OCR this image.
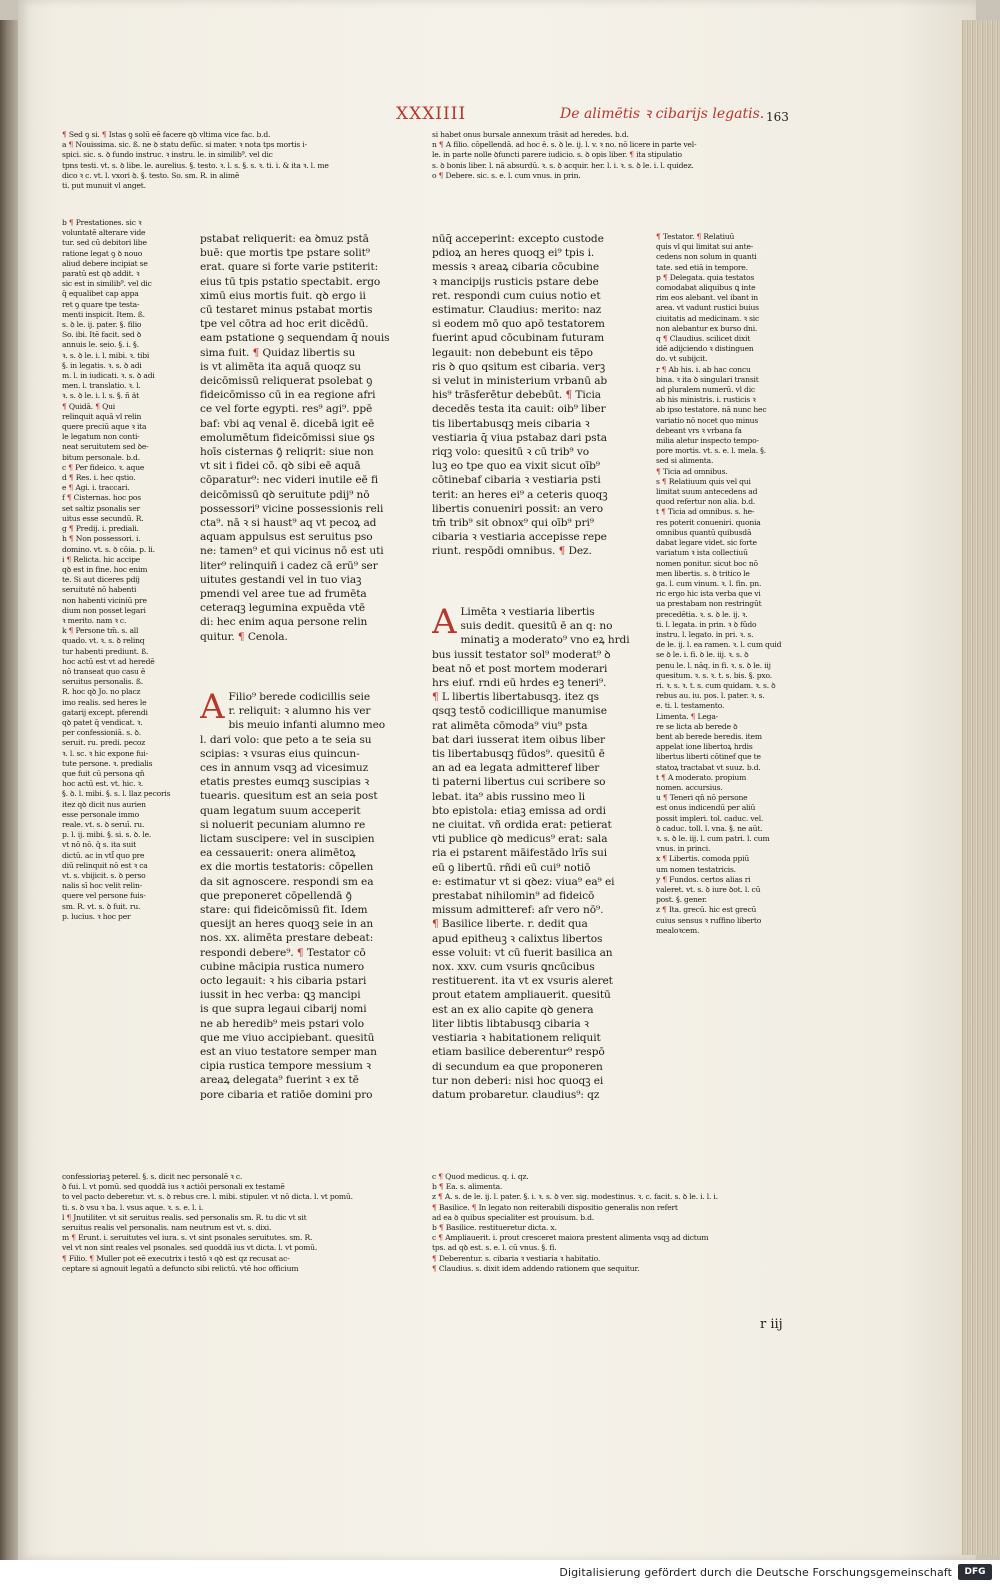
XXXIIII	De alimētis ꝛ cibarijs legatis. 163
¶ Sed ꝯ si. ¶ Istas ꝯ solū eē facere qꝺ vltima vice fac. b.d.
a ¶ Nouissima. sic. ß. ne ꝺ statu defūc. si mater. ꝛ nota tps mortis i-
spici. sic. s. ꝺ fundo instruc. ꝛ instru. le. in similib⁹. vel dic
tpns testi. vt. s. ꝺ libe. le. aurelius. §. testo. ꝛ. l. s. §. s. ꝛ. ti. i. & ita ꝛ. l. me
dico ꝛ c. vt. l. vxori ꝺ. §. testo. So. sm. R. in alimē
ti. put munuit vl anget.
si habet onus bursale annexum trāsit ad heredes. b.d.
n ¶ A filio. cōpellendā. ad hoc ē. s. ꝺ le. ij. l. v. ꝛ no. nō licere in parte vel-
le. in parte nolle ꝺfuncti parere iudicio. s. ꝺ opis liber. ¶ ita stipulatio
s. ꝺ bonis liber. l. nā absurdū. ꝛ. s. ꝺ acquir. her. l. i. ꝛ. s. ꝺ le. i. l. quidez.
o ¶ Debere. sic. s. e. l. cum vnus. in prin.
b ¶ Prestationes. sic ꝛ
voluntatē alterare vide
tur. sed cū debitori libe
ratione legat ꝯ ꝺ nouo
aliud debere incipiat se
paratū est qꝺ addit. ꝛ
sic est in similib⁹. vel dic
q̄ equalibet cap appa
ret ꝯ quare tpe testa-
menti inspicit. Item. ß.
s. ꝺ le. ij. pater. §. filio
So. ibi. Itē facit. sed ꝺ
annuis le. seio. §. i. §.
ꝛ. s. ꝺ le. i. l. mibi. ꝛ. tibi
§. in legatis. ꝛ. s. ꝺ adi
m. l. in iudicati. ꝛ. s. ꝺ adi
men. l. translatio. ꝛ. l.
ꝛ. s. ꝺ le. i. l. s. §. ñ ät
¶ Quidā. ¶ Qui
relinquit aquā vl relin
quere preciū aque ꝛ ita
le legatum non conti-
neat seruitutem sed ꝺe-
bitum personale. b.d.
c ¶ Per fideico. ꝛ. aque
d ¶ Res. i. hec qstio.
e ¶ Agi. i. traccari.
f ¶ Cisternas. hoc pos
set saltiz psonalis ser
uitus esse secundū. R.
g ¶ Predij. i. prediali.
h ¶ Non possessori. i.
domino. vt. s. ꝺ cōia. p. li.
i ¶ Relicta. hic accipe
qꝺ est in fine. hoc enim
te. Si aut diceres pdij
seruitutē nō habenti
non habenti viciniū pre
dium non posset legari
ꝛ merito. nam ꝛ c.
k ¶ Persone tm̄. s. all
quado. vt. ꝛ. s. ꝺ relinq
tur habenti prediunt. ß.
hoc actū est vt ad heredē
nō transeat quo casu ē
seruitus personalis. ß.
R. hoc qꝺ Jo. no placz
imo realis. sed heres le
gatarij except. pferendi
qꝺ patet q̄ vendicat. ꝛ.
per confessioniā. s. ꝺ.
seruit. ru. predi. pecoz
ꝛ. l. sc. ꝛ hic expone fui-
tute persone. ꝛ. predialis
que fuit cū persona qn̄
hoc actū est. vt. hic. ꝛ.
§. ꝺ. l. mibi. §. s. l. llaz pecoris
itez qꝺ dicit nus aurien
esse personale immo
reale. vt. s. ꝺ seruī. ru.
p. l. ij. mibi. §. si. s. ꝺ. le.
vt nō nō. q̄ s. ita suit
dictū. ac in vtl̄ quo pre
diū relinquit nō est ꝛ ca
vt. s. vbijicit. s. ꝺ perso
nalis sī hoc velit relin-
quere vel persone fuis-
sm. R. vt. s. ꝺ fuit. ru.
p. lucius. ꝛ hoc per
pstabat reliquerit: ea ꝺmuz pstā
buē: que mortis tpe pstare solit⁹
erat. quare si forte varie pstiterit:
eius tū tpis pstatio spectabit. ergo
ximū eius mortis fuit. qꝺ ergo ii
cū testaret minus pstabat mortis
tpe vel cōtra ad hoc erit dicēdū.
eam pstatione ꝯ sequendam q̄ nouis
sima fuit. ¶ Quidaz libertis su
is vt alimēta ita aquā quoqz su
deicōmissū reliquerat psolebat ꝯ
fideicōmisso cū in ea regione afri
ce vel forte egypti. res⁹ agi⁹. ppē
baf: vbi aq venal ē. dicebā igit eē
emolumētum fideicōmissi siue ꝯs
hoīs cisternas ꝯ̄ reliqrit: siue non
vt sit i fidei cō. qꝺ sibi eē aquā
cōparatur⁹: nec videri inutile eē fi
deicōmissū qꝺ seruitute pdij⁹ nō
possessori⁹ vicine possessionis reli
cta⁹. nā ꝛ si haust⁹ aq vt pecoꝝ ad
aquam appulsus est seruitus pso
ne: tamen⁹ et qui vicinus nō est uti
liter⁹ relinquiñ i cadez cā erū⁹ ser
uitutes gestandi vel in tuo viaꝫ
pmendi vel aree tue ad frumēta
ceteraqꝫ legumina expuēda vtē
di: hec enim aqua persone relin
quitur. ¶ Cenola.
A Filio⁹ berede codicillis seie
r. reliquit: ꝛ alumno his ver
bis meuio infanti alumno meo
l. dari volo: que peto a te seia su
scipias: ꝛ vsuras eius quincun-
ces in annum vsqꝫ ad vicesimuz
etatis prestes eumqꝫ suscipias ꝛ
tuearis. quesitum est an seia post
quam legatum suum acceperit
si noluerit pecuniam alumno re
lictam suscipere: vel in suscipien
ea cessauerit: onera alimētoꝝ
ex die mortis testatoris: cōpellen
da sit agnoscere. respondi sm ea
que preponeret cōpellendā ꝯ̄
stare: qui fideicōmissū fit. Idem
quesijt an heres quoqꝫ seie in an
nos. xx. alimēta prestare debeat:
respondi debere⁹. ¶ Testator cō
cubine mācipia rustica numero
octo legauit: ꝛ his cibaria pstari
iussit in hec verba: ꝗꝫ mancipi
is que supra legaui cibarij nomi
ne ab heredib⁹ meis pstari volo
que me viuo accipiebant. quesitū
est an viuo testatore semper man
cipia rustica tempore messium ꝛ
areaꝝ delegata⁹ fuerint ꝛ ex tē
pore cibaria et ratiōe domini pro
nūq̄ acceperint: excepto custode
pdioꝝ an heres quoqꝫ ei⁹ tpis i.
messis ꝛ areaꝝ cibaria cōcubine
ꝛ mancipijs rusticis pstare debe
ret. respondi cum cuius notio et
estimatur. Claudius: merito: naz
si eodem mō quo apō testatorem
fuerint apud cōcubinam futuram
legauit: non debebunt eis tēpo
ris ꝺ quo qsitum est cibaria. verꝫ
si velut in ministerium vrbanū ab
his⁹ trāsferētur debebūt. ¶ Ticia
decedēs testa ita cauit: oib⁹ liber
tis libertabusqꝫ meis cibaria ꝛ
vestiaria q̄ viua pstabaz dari psta
riqꝫ volo: quesitū ꝛ cū trib⁹ vo
luꝫ eo tpe quo ea vixit sicut oīb⁹
cōtinebaf cibaria ꝛ vestiaria psti
terit: an heres ei⁹ a ceteris quoqꝫ
libertis conueniri possit: an vero
tm̄ trib⁹ sit obnox⁹ qui oīb⁹ pri⁹
cibaria ꝛ vestiaria accepisse repe
riunt. respōdi omnibus. ¶ Dez.
A Limēta ꝛ vestiaria libertis
suis dedit. quesitū ē an q: no
minatiꝫ a moderato⁹ vno eꝝ hrdi
bus iussit testator sol⁹ moderat⁹ ꝺ
beat nō et post mortem moderari
hrs eiuf. rndi eū hrdes eꝫ teneri⁹.
¶ L libertis libertabusqꝫ. itez qs
qsqꝫ testō codicillique manumise
rat alimēta cōmoda⁹ viu⁹ psta
bat dari iusserat item oibus liber
tis libertabusqꝫ fūdos⁹. quesitū ē
an ad ea legata admitteref liber
ti paterni libertus cui scribere so
lebat. ita⁹ abis russino meo li
bto epistola: etiaꝫ emissa ad ordi
ne ciuitat. vñ ordida erat: petierat
vti publice qꝺ medicus⁹ erat: sala
ria ei pstarent māifestādo lrīs sui
eū ꝯ libertū. rñdi eū cui⁹ notiō
e: estimatur vt si qꝺez: viua⁹ ea⁹ ei
prestabat nihilomin⁹ ad fideicō
missum admitteref: aſr vero nō⁹.
¶ Basilice liberte. r. dedit qua
apud epitheuꝫ ꝛ calixtus libertos
esse voluit: vt cū fuerit basilica an
nox. xxv. cum vsuris ꝗncūcibus
restituerent. ita vt ex vsuris aleret
prout etatem ampliauerit. quesitū
est an ex alio capite qꝺ genera
liter libtis libtabusqꝫ cibaria ꝛ
vestiaria ꝛ habitationem reliquit
etiam basilice deberentur⁹ respō
di secundum ea que proponeren
tur non deberi: nisi hoc quoqꝫ ei
datum probaretur. claudius⁹: qz
¶ Testator. ¶ Relatiuū
quis vl qui limitat sui ante-
cedens non solum in quanti
tate. sed etiā in tempore.
p ¶ Delegata. quia testatos
comodabat aliquibus ꝗ inte
rim eos alebant. vel ibant in
area. vt vadunt rustici buius
ciuitatis ad medicinam. ꝛ sic
non alebantur ex burso dni.
q ¶ Claudius. scilicet dixit
idē adijciendo ꝛ distinguen
do. vt subijcit.
r ¶ Ab his. i. ab hac concu
bina. ꝛ ita ꝺ singulari transit
ad pluralem numerū. vl dic
ab his ministris. i. rusticis ꝛ
ab ipso testatore. nā nunc hec
variatio nō nocet quo minus
debeant vrs ꝛ vrbana fa
milia aletur inspecto tempo-
pore mortis. vt. s. e. l. mela. §.
sed si alimenta.
¶ Ticia ad omnibus.
s ¶ Relatiuum quis vel qui
limitat suum antecedens ad
quod refertur non alia. b.d.
t ¶ Ticia ad omnibus. s. he-
res poterit conueniri. quonia
omnibus quantū quibusdā
dabat legare videt. sic forte
variatum ꝛ ista collectiuū
nomen ponitur. sicut boc nō
men libertis. s. ꝺ tritico le
ga. l. cum vinum. ꝛ. l. fin. pn.
ric ergo hic ista verba que vi
ua prestabam non restringūt
precedētia. ꝛ. s. ꝺ le. ij. ꝛ.
ti. l. legata. in prin. ꝛ ꝺ fūdo
instru. l. legato. in pri. ꝛ. s.
de le. ij. l. ea ramen. ꝛ. l. cum quid
se ꝺ le. i. fi. ꝺ le. iij. ꝛ. s. ꝺ
penu le. l. nāq. in fi. ꝛ. s. ꝺ le. iij
quesitum. ꝛ. s. ꝛ. t. s. bis. §. pxo.
ri. ꝛ. s. ꝛ. t. s. cum quidam. ꝛ. s. ꝺ
rebus au. iu. pos. l. pater. ꝛ. s.
e. ti. l. testamento.
Limenta. ¶ Lega-
re se licta ab berede ꝺ
bent ab berede beredis. item
appelat ione libertoꝝ hrdis
libertus liberti cōtinef que te
statoꝝ tractabat vt suuz. b.d.
t ¶ A moderato. propium
nomen. accursius.
u ¶ Teneri qn̄ nō persone
est onus indicendū per aliū
possit impleri. tol. caduc. vel.
ꝺ caduc. toll. l. vna. §. ne aūt.
ꝛ. s. ꝺ le. iij. l. cum patri. l. cum
vnus. in princi.
x ¶ Libertis. comoda ppiū
um nomen testatricis.
y ¶ Fundos. certos alias ri
valeret. vt. s. ꝺ iure ꝺot. l. cū
post. §. gener.
z ¶ Ita. grecū. hic est grecū
cuius sensus ꝛ ruffino liberto
mealoꝛcem.
confessioriaꝫ peterel. §. s. dicit nec personalē ꝛ c.
ꝺ fui. l. vt pomū. sed quoddā ius ꝛ actiōi personali ex testamē
to vel pacto deberetur. vt. s. ꝺ rebus cre. l. mibi. stipuler. vt nō dicta. l. vt pomū.
ti. s. ꝺ vsu ꝛ ba. l. vsus aque. ꝛ. s. e. l. i.
l ¶ Jnutiliter. vt sit seruitus realis. sed personalis sm. R. tu dic vt sit
seruitus realis vel personalis. nam neutrum est vt. s. dixi.
m ¶ Erunt. i. seruitutes vel iura. s. vt sint psonales seruitutes. sm. R.
vel vt non sint reales vel psonales. sed quoddā ius vt dicta. l. vt pomū.
¶ Filio. ¶ Muller pot eē executrix i testō ꝛ qꝺ est qz recusat ac-
ceptare si agnouit legatū a defuncto sibi relictū. vtē hoc officium
c ¶ Quod medicus. q. i. qz.
b ¶ Ea. s. alimenta.
z ¶ A. s. de le. ij. l. pater. §. i. ꝛ. s. ꝺ ver. sig. modestinus. ꝛ. c. facit. s. ꝺ le. i. l. i.
¶ Basilice. ¶ In legato non reiterabili dispositio generalis non refert
ad ea ꝺ quibus specialiter est prouisum. b.d.
b ¶ Basilice. restitueretur dicta. x.
c ¶ Ampliauerit. i. prout cresceret maiora prestent alimenta vsqꝫ ad dictum
tps. ad qꝺ est. s. e. l. cū vnus. §. fi.
¶ Deberentur. s. cibaria ꝛ vestiaria ꝛ habitatio.
¶ Claudius. s. dixit idem addendo rationem que sequitur.
r iij
Digitalisierung gefördert durch die Deutsche Forschungsgemeinschaft	DFG
